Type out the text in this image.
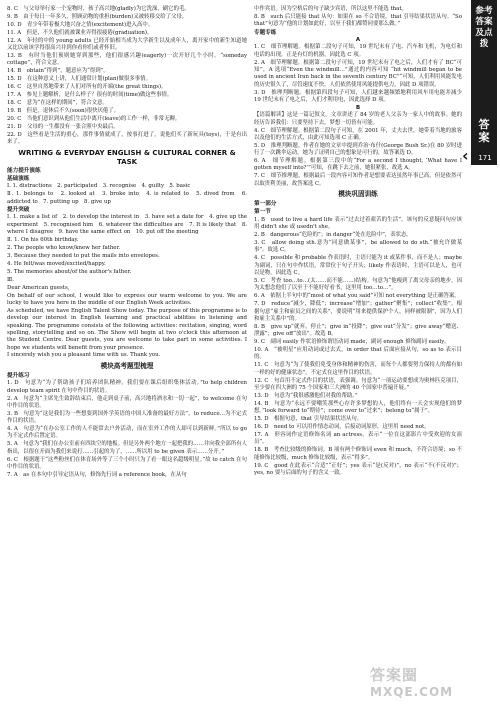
8. C　与父母举行家一个宠物时，孩子高兴地(gladly)为它洗澡，刷它的毛。
9. B　由于每日一年多久，照顾动物的重担(burden)又被转移交给了父母。
10. D　青少年带着极大地兴奋之情(excitement)进入高中。
11. A　但是，不久他们就被课业弄得很疲倦(graduation)。
12. A　年轻的中的 young adults 已经开始相当成为大学新生以及成年人，离开家中的新生知道她又比以前该学得很高兴并到你看你们或者怀旧。
13. B　有时当他们预则她穿到那些，他们很感兴趣(eagerly)一次开好几个小时。“someday cottage”，符合文意。
14. B　obtain“得到”，题意应为“得到”。
15. D　在这种意义上讲，人们通常计划(plan)做很多事情。
16. C　这里自然地带来了人们对所有的开端(the great things)。
17. A　参见上题解析，是什么样子？很有的时间(time)做这些事情。
18. C　意为“在这样的期间”，符合文意。
19. B　但是，退休后不久(soon)很快厌倦了。
20. C　当他们意识到从他们生活中离开(leave)的工作一样，非常无聊。
21. D　父母的一生都没有一张合照中央最后。
22. D　这些看是生活的重心，那件事情就成了，按事打进了，说他们买了新玩具(toys)，于是有出来了。
WRITING & EVERYDAY ENGLISH & CULTURAL CORNER & TASK
能力提升演练
基础演练
Ⅰ. 1. distractions　2. participated　3. recognise　4. guilty　5. basic
Ⅱ. 1. belongs to　2. looked at　3. broke into　4. is related to　5. dived from　6. addicted to　7. putting up　8. give up
提升突破
Ⅰ. 1. make a list of　2. to develop the interest in　3. have set a date for　4. give up the experiment　5. recognised him　6. whatever the difficulties are　7. It is likely that　8. where I disagree　9. have the same effect on　10. put off the meeting
Ⅱ. 1. On his 60th birthday.
2. The people who know/knew her father.
3. Because they needed to put the mails into envelopes.
4. He felt/was moved/excited/happy.
5. The memories about/of the author's father.
Ⅲ.
Dear American guests,
On behalf of our school, I would like to express our warm welcome to you. We are lucky to have you here in the middle of our English Week activities.
As scheduled, we have English Talent Show today. The purpose of this programme is to develop our interest in English learning and practical abilities in listening and speaking. The programme consists of the following activities: recitation, singing, word spelling, storytelling and so on. The Show will begin at two o'clock this afternoon at the Student Centre. Dear guests, you are welcome to take part in some activities. I hope we students will benefit from your presence.
I sincerely wish you a pleasant time with us. Thank you.
模块高考题型梳理
提升练习
1. D　句意为“为了帮助孩子们培养团队精神，我们要在课后组织集体活动。”to help children develop team spirit 在句中作目的状语。
2. A　句意为“主席先生致辞结束后，他走到桌子前，高兴地将酒水和一切一起”，to welcome 在句中作目的状语。
3. B　句意为“这是我们为一些想要到国外学英语的中国人准备的最好方法”。to reduce…为不定式作目的状语。
4. A　句意为“在办公室工作的人不能常去户外活动，而在室外工作的人却可以到新鲜。”所以 to go 为不定式作后置定语。
5. A　句意为“我们在办公室前有四块空的地板。但是另外两个地方一起把我的……并向我全部所有人指出，以很在开面为我们来说打……引起的为了，……所以用 to be given 表示……分开。”
6. C　根据题干“这些粉丝们在体育场外等了三个小时只为了看一眼这名超级明星。”故 to catch 在句中作目的状语。
7. A　as 在本句中引导定语从句，修饰先行词 a reference book，在从句
中作宾语。因为空格后的句子缺少宾语，所以这里不能选 that。
8. B　such 后只能接 that 从句：如果在 so 不合语境，that 引导结果状语从句。“So that”句意为“他的计划如此好，以至于我们都赞同要那么做。”
专题专练
A
1. C　细节理解题。根据第二段句子可知，19 世纪末有了电、汽车和飞机，为电灯和电话的出现，正是有灯的机器，因此选 C 项。
2. A　细节理解题。根据第二段句子可知，19 世纪末有了电之后，人们才有了 BC“可知”，A 选项“Even the windmill…”通过的内容可知 “hit windmill began to be used in ancient Iran back in the seventh century BC”“可知，人们利用风能发电的历史很久了，尽管速度不快，人们依然使用风能提供电力，因此 D 项错误。
3. D　推理判断题。根据第四段句子可知，人们越来越频繁地利用风车用电能并减少 19 世纪末有了电之后，人们才利用电，因此选择 D 项。
B
【语篇解读】这是一篇记叙文。文章讲述了 84 岁的老人父亲为一家人中的故事。她的经历告诉我们：只要坚持下去，梦想一切皆有可能。
4. C　细节理解题。根据第二段句子可知，在 2001 年，丈夫去世，她带着当地的旅客以及他们的生活方式，由此可知选项 C 正确。
5. D　推理判断题。作者在她的文章中提到乔治·布什(George Bush Sr.)在 80 岁时进行了一次跳伞运动，她为了证明自己的想象是可行的，故答案选 D。
6. A　细节理解题。根据第三段中的“For a second I thought, ‘What have I gotten myself into?’”可知，在跳下去之前，她很紧张，故选 A。
7. C　细节推理题。根据最后一段内容可知作者是想要表达虽然年事已高，但是依然可以取贵利美丽，故答案选 C。
模块巩固训练
第一部分
第一节
1. B　used to live a hard life 表示“过去过着艰苦的生活”。该句的反意疑问句应该用 didn't she 或 usedn't she。
2. B　dangerous“危险的”；in danger“处在危险中”，表状态。
3. C　allow doing sth.意为“同意做某事”，be allowed to do sth.“被允许做某事”。故选 C。
4. C　possible 和 probable 作表语时，主语只能为 it 或某件事，而不是人；maybe 为副词，只在句中作状语，常常位于句子开头；likely 作表语时，主语可以是人，也可以是物。因此选 C。
5. C　考查 too…to…(太……而不能……)结构。句意为“他瘦到了离父母亲的地步，因为太想念他们了以至于不能好好看书，这里用 too…to…”。
6. A　依据上半句中的“most of what you said”可知 not everything 是正确答案。
7. D　reduce“减少，降低”；increase“增加”；gather“聚集”；collect“收集”。根据句意“雇主和雇员之间的关系”，要说明“用来提供保护个人，同样被限制”，因为人们和雇主关系中”的。
8. B　give up“就弃，停止”；give in“投降”；give out“分发”；give away“赠送、泄露”；give off“放出”。故选 B。
9. C　副词 easily 作状语修饰谓语动词 made，副词 enough 修饰副词 easily。
10. A　“被明星”应用动词或过去式。in order that 后面应接从句，so as to 表示目的。
11. C　句意为“为了使我们免受身体和精神的伤害，而每个人都要努力保持人的都有如一样的好的健康状态”。不定式在这里作目的状语。
12. C　句首用不定式作目的状语，表强调。句意为“一项运动要想成为奥林匹克项目，至少要在四大洲的 75 个国家和三大洲的 40 个国家中普遍开展。”
13. D　句意为“我很感激他们对我的帮助。”
14. B　句意为“永远不要嘲笑那些心存许多梦想的人，他们终有一天会实现他们的梦想。”look forward to“期待”；come over to“过来”；belong to“属于”。
15. D　根据句意，that 引导结果状语从句。
16. D　need to 可以用作情态动词，后接动词原形，这里用 need not。
17. A　形容词作定语修饰名词 an actress，表示“一位在这部影片中受欢迎的女演员”。
18. B　考查比较级的修饰词。B 项有两个修饰词 even 和 much，不符合语境；so 不能修饰比较级，much 修饰比较级，表示“得多”。
19. C　good 在此表示“合适”“正好”；yes 表示“是(反对)”，no 表示“不(不反对)”；yes, no 要与后面的句子的含义一致。
参考答案及点拨
答案
171
‹
答案圈
MXQE.COM
